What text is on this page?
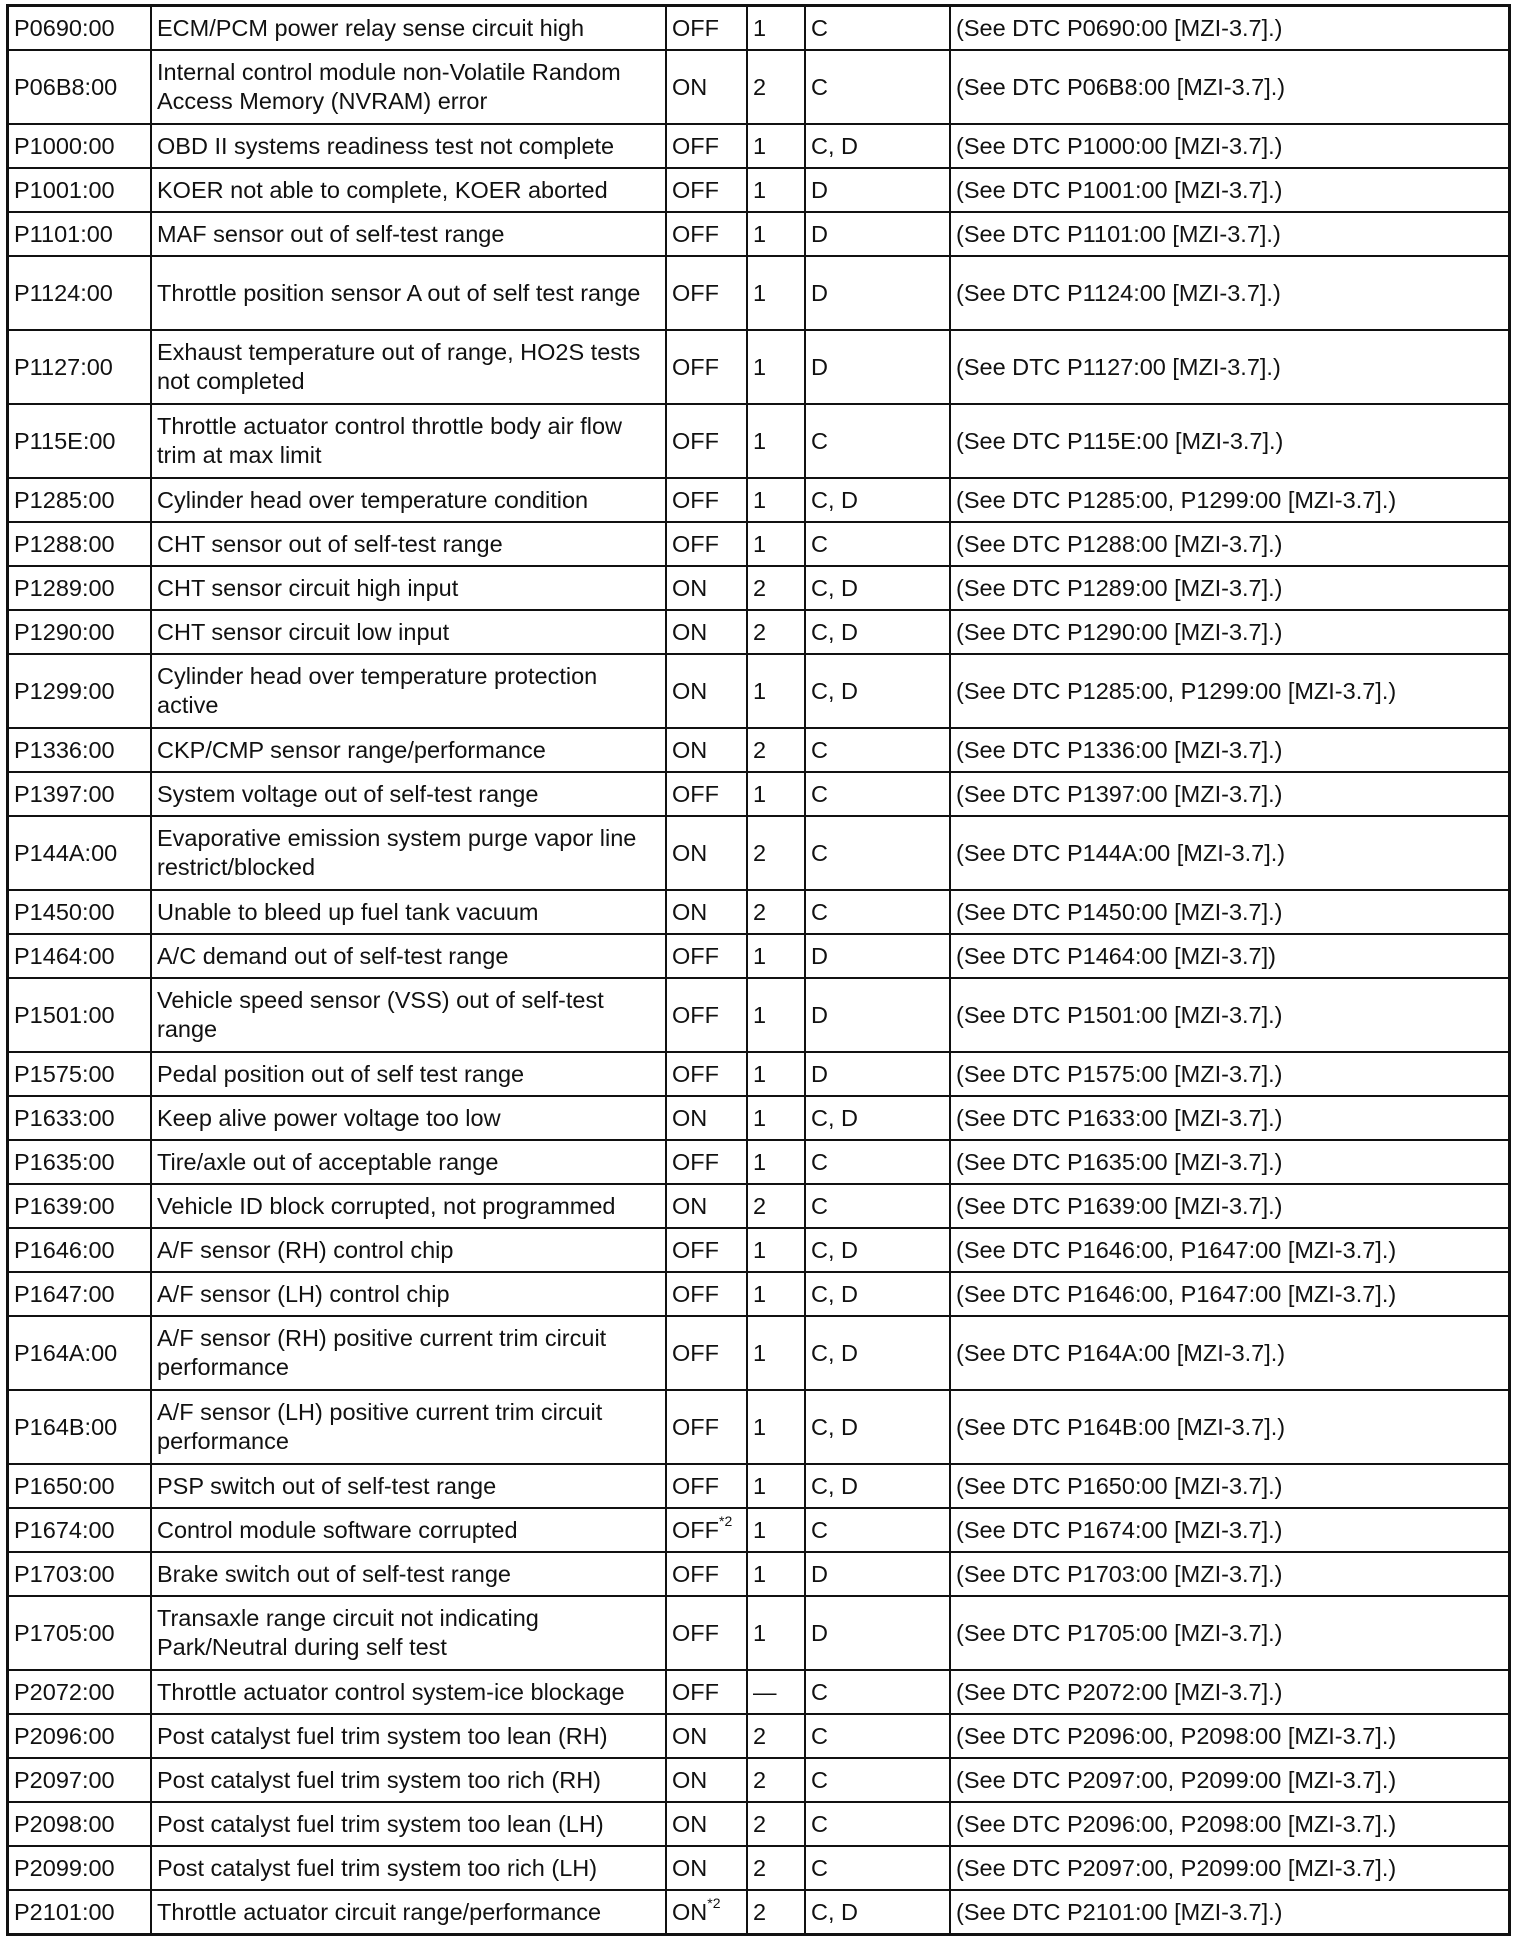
P0690:00	ECM/PCM power relay sense circuit high	OFF	1	C	(See DTC P0690:00 [MZI-3.7].)
P06B8:00	Internal control module non-Volatile Random Access Memory (NVRAM) error	ON	2	C	(See DTC P06B8:00 [MZI-3.7].)
P1000:00	OBD II systems readiness test not complete	OFF	1	C, D	(See DTC P1000:00 [MZI-3.7].)
P1001:00	KOER not able to complete, KOER aborted	OFF	1	D	(See DTC P1001:00 [MZI-3.7].)
P1101:00	MAF sensor out of self-test range	OFF	1	D	(See DTC P1101:00 [MZI-3.7].)
P1124:00	Throttle position sensor A out of self test range	OFF	1	D	(See DTC P1124:00 [MZI-3.7].)
P1127:00	Exhaust temperature out of range, HO2S tests not completed	OFF	1	D	(See DTC P1127:00 [MZI-3.7].)
P115E:00	Throttle actuator control throttle body air flow trim at max limit	OFF	1	C	(See DTC P115E:00 [MZI-3.7].)
P1285:00	Cylinder head over temperature condition	OFF	1	C, D	(See DTC P1285:00, P1299:00 [MZI-3.7].)
P1288:00	CHT sensor out of self-test range	OFF	1	C	(See DTC P1288:00 [MZI-3.7].)
P1289:00	CHT sensor circuit high input	ON	2	C, D	(See DTC P1289:00 [MZI-3.7].)
P1290:00	CHT sensor circuit low input	ON	2	C, D	(See DTC P1290:00 [MZI-3.7].)
P1299:00	Cylinder head over temperature protection active	ON	1	C, D	(See DTC P1285:00, P1299:00 [MZI-3.7].)
P1336:00	CKP/CMP sensor range/performance	ON	2	C	(See DTC P1336:00 [MZI-3.7].)
P1397:00	System voltage out of self-test range	OFF	1	C	(See DTC P1397:00 [MZI-3.7].)
P144A:00	Evaporative emission system purge vapor line restrict/blocked	ON	2	C	(See DTC P144A:00 [MZI-3.7].)
P1450:00	Unable to bleed up fuel tank vacuum	ON	2	C	(See DTC P1450:00 [MZI-3.7].)
P1464:00	A/C demand out of self-test range	OFF	1	D	(See DTC P1464:00 [MZI-3.7])
P1501:00	Vehicle speed sensor (VSS) out of self-test range	OFF	1	D	(See DTC P1501:00 [MZI-3.7].)
P1575:00	Pedal position out of self test range	OFF	1	D	(See DTC P1575:00 [MZI-3.7].)
P1633:00	Keep alive power voltage too low	ON	1	C, D	(See DTC P1633:00 [MZI-3.7].)
P1635:00	Tire/axle out of acceptable range	OFF	1	C	(See DTC P1635:00 [MZI-3.7].)
P1639:00	Vehicle ID block corrupted, not programmed	ON	2	C	(See DTC P1639:00 [MZI-3.7].)
P1646:00	A/F sensor (RH) control chip	OFF	1	C, D	(See DTC P1646:00, P1647:00 [MZI-3.7].)
P1647:00	A/F sensor (LH) control chip	OFF	1	C, D	(See DTC P1646:00, P1647:00 [MZI-3.7].)
P164A:00	A/F sensor (RH) positive current trim circuit performance	OFF	1	C, D	(See DTC P164A:00 [MZI-3.7].)
P164B:00	A/F sensor (LH) positive current trim circuit performance	OFF	1	C, D	(See DTC P164B:00 [MZI-3.7].)
P1650:00	PSP switch out of self-test range	OFF	1	C, D	(See DTC P1650:00 [MZI-3.7].)
P1674:00	Control module software corrupted	OFF$^{*2}$	1	C	(See DTC P1674:00 [MZI-3.7].)
P1703:00	Brake switch out of self-test range	OFF	1	D	(See DTC P1703:00 [MZI-3.7].)
P1705:00	Transaxle range circuit not indicating Park/Neutral during self test	OFF	1	D	(See DTC P1705:00 [MZI-3.7].)
P2072:00	Throttle actuator control system-ice blockage	OFF	—	C	(See DTC P2072:00 [MZI-3.7].)
P2096:00	Post catalyst fuel trim system too lean (RH)	ON	2	C	(See DTC P2096:00, P2098:00 [MZI-3.7].)
P2097:00	Post catalyst fuel trim system too rich (RH)	ON	2	C	(See DTC P2097:00, P2099:00 [MZI-3.7].)
P2098:00	Post catalyst fuel trim system too lean (LH)	ON	2	C	(See DTC P2096:00, P2098:00 [MZI-3.7].)
P2099:00	Post catalyst fuel trim system too rich (LH)	ON	2	C	(See DTC P2097:00, P2099:00 [MZI-3.7].)
P2101:00	Throttle actuator circuit range/performance	ON$^{*2}$	2	C, D	(See DTC P2101:00 [MZI-3.7].)
